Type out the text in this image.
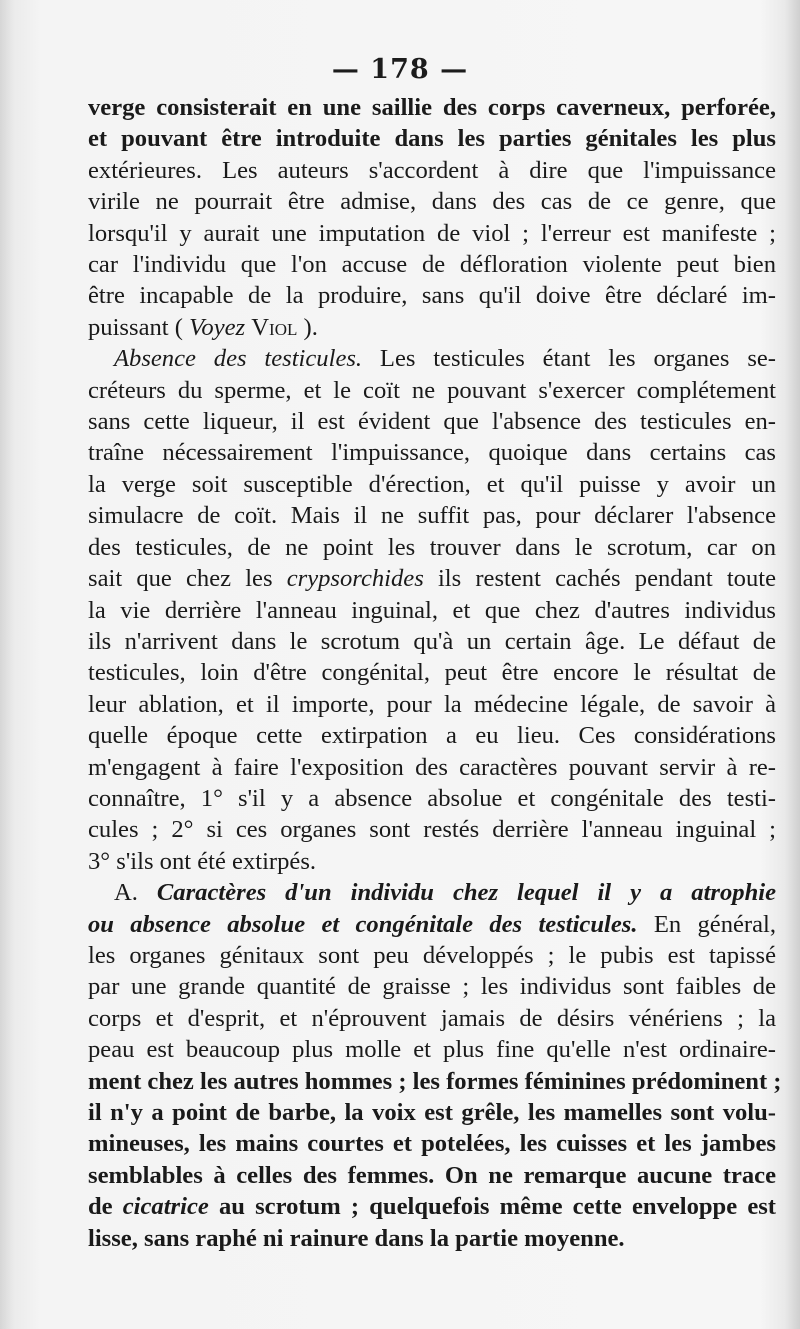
— 178 —
verge consisterait en une saillie des corps caverneux, perforée,
et pouvant être introduite dans les parties génitales les plus
extérieures. Les auteurs s'accordent à dire que l'impuissance
virile ne pourrait être admise, dans des cas de ce genre, que
lorsqu'il y aurait une imputation de viol ; l'erreur est manifeste ;
car l'individu que l'on accuse de défloration violente peut bien
être incapable de la produire, sans qu'il doive être déclaré im-
puissant ( Voyez Viol ).
Absence des testicules. Les testicules étant les organes se-
créteurs du sperme, et le coït ne pouvant s'exercer complétement
sans cette liqueur, il est évident que l'absence des testicules en-
traîne nécessairement l'impuissance, quoique dans certains cas
la verge soit susceptible d'érection, et qu'il puisse y avoir un
simulacre de coït. Mais il ne suffit pas, pour déclarer l'absence
des testicules, de ne point les trouver dans le scrotum, car on
sait que chez les crypsorchides ils restent cachés pendant toute
la vie derrière l'anneau inguinal, et que chez d'autres individus
ils n'arrivent dans le scrotum qu'à un certain âge. Le défaut de
testicules, loin d'être congénital, peut être encore le résultat de
leur ablation, et il importe, pour la médecine légale, de savoir à
quelle époque cette extirpation a eu lieu. Ces considérations
m'engagent à faire l'exposition des caractères pouvant servir à re-
connaître, 1° s'il y a absence absolue et congénitale des testi-
cules ; 2° si ces organes sont restés derrière l'anneau inguinal ;
3° s'ils ont été extirpés.
A. Caractères d'un individu chez lequel il y a atrophie
ou absence absolue et congénitale des testicules. En général,
les organes génitaux sont peu développés ; le pubis est tapissé
par une grande quantité de graisse ; les individus sont faibles de
corps et d'esprit, et n'éprouvent jamais de désirs vénériens ; la
peau est beaucoup plus molle et plus fine qu'elle n'est ordinaire-
ment chez les autres hommes ; les formes féminines prédominent ;
il n'y a point de barbe, la voix est grêle, les mamelles sont volu-
mineuses, les mains courtes et potelées, les cuisses et les jambes
semblables à celles des femmes. On ne remarque aucune trace
de cicatrice au scrotum ; quelquefois même cette enveloppe est
lisse, sans raphé ni rainure dans la partie moyenne.
